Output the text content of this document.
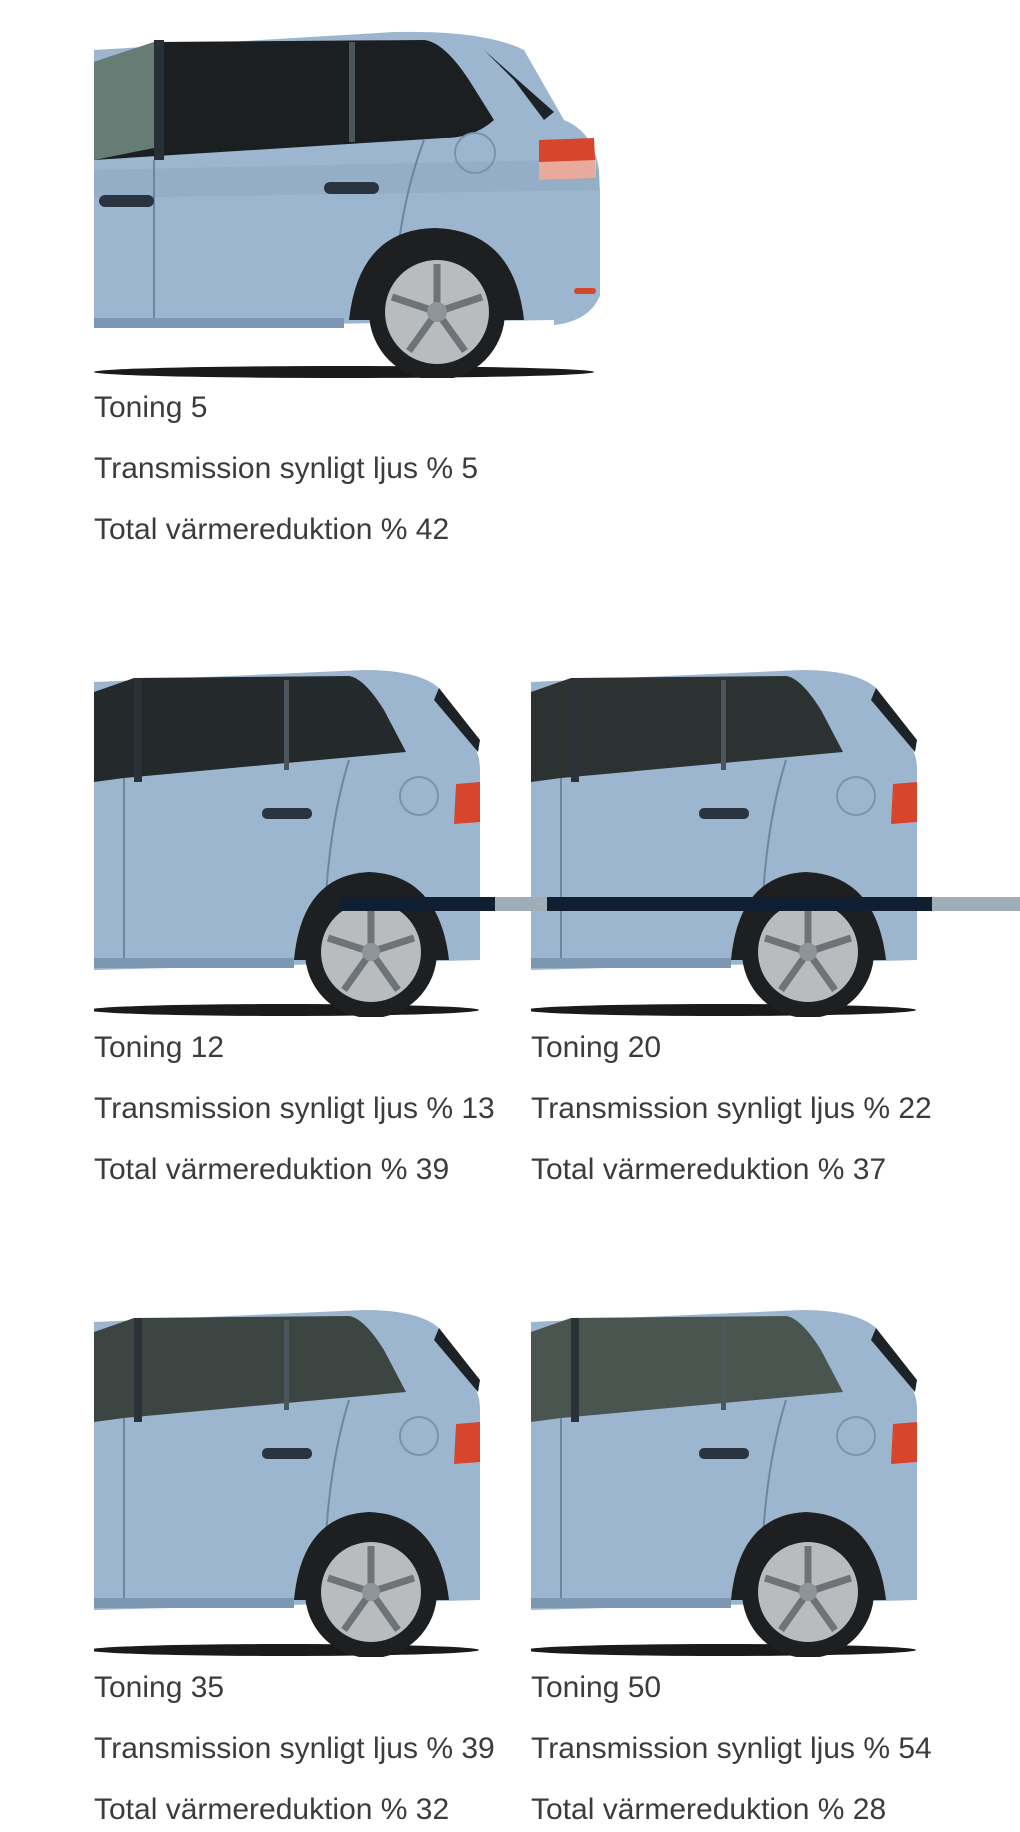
Toning 5
Transmission synligt ljus % 5
Total värmereduktion % 42
Toning 12
Transmission synligt ljus % 13
Total värmereduktion % 39
Toning 20
Transmission synligt ljus % 22
Total värmereduktion % 37
Toning 35
Transmission synligt ljus % 39
Total värmereduktion % 32
Toning 50
Transmission synligt ljus % 54
Total värmereduktion % 28
